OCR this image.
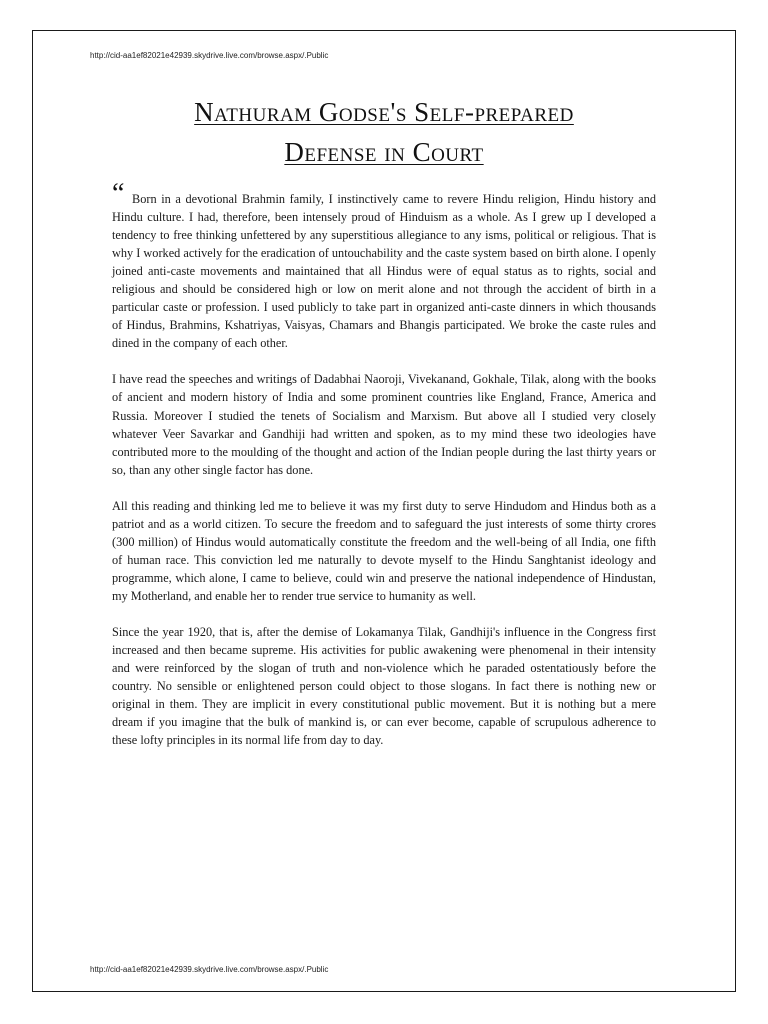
http://cid-aa1ef82021e42939.skydrive.live.com/browse.aspx/.Public
Nathuram Godse's Self-prepared
Defense in Court
“ Born in a devotional Brahmin family, I instinctively came to revere Hindu religion, Hindu history and Hindu culture. I had, therefore, been intensely proud of Hinduism as a whole. As I grew up I developed a tendency to free thinking unfettered by any superstitious allegiance to any isms, political or religious. That is why I worked actively for the eradication of untouchability and the caste system based on birth alone. I openly joined anti-caste movements and maintained that all Hindus were of equal status as to rights, social and religious and should be considered high or low on merit alone and not through the accident of birth in a particular caste or profession. I used publicly to take part in organized anti-caste dinners in which thousands of Hindus, Brahmins, Kshatriyas, Vaisyas, Chamars and Bhangis participated. We broke the caste rules and dined in the company of each other.

I have read the speeches and writings of Dadabhai Naoroji, Vivekanand, Gokhale, Tilak, along with the books of ancient and modern history of India and some prominent countries like England, France, America and Russia. Moreover I studied the tenets of Socialism and Marxism. But above all I studied very closely whatever Veer Savarkar and Gandhiji had written and spoken, as to my mind these two ideologies have contributed more to the moulding of the thought and action of the Indian people during the last thirty years or so, than any other single factor has done.

All this reading and thinking led me to believe it was my first duty to serve Hindudom and Hindus both as a patriot and as a world citizen. To secure the freedom and to safeguard the just interests of some thirty crores (300 million) of Hindus would automatically constitute the freedom and the well-being of all India, one fifth of human race. This conviction led me naturally to devote myself to the Hindu Sanghtanist ideology and programme, which alone, I came to believe, could win and preserve the national independence of Hindustan, my Motherland, and enable her to render true service to humanity as well.

Since the year 1920, that is, after the demise of Lokamanya Tilak, Gandhiji's influence in the Congress first increased and then became supreme. His activities for public awakening were phenomenal in their intensity and were reinforced by the slogan of truth and non-violence which he paraded ostentatiously before the country. No sensible or enlightened person could object to those slogans. In fact there is nothing new or original in them. They are implicit in every constitutional public movement. But it is nothing but a mere dream if you imagine that the bulk of mankind is, or can ever become, capable of scrupulous adherence to these lofty principles in its normal life from day to day.

http://cid-aa1ef82021e42939.skydrive.live.com/browse.aspx/.Public
